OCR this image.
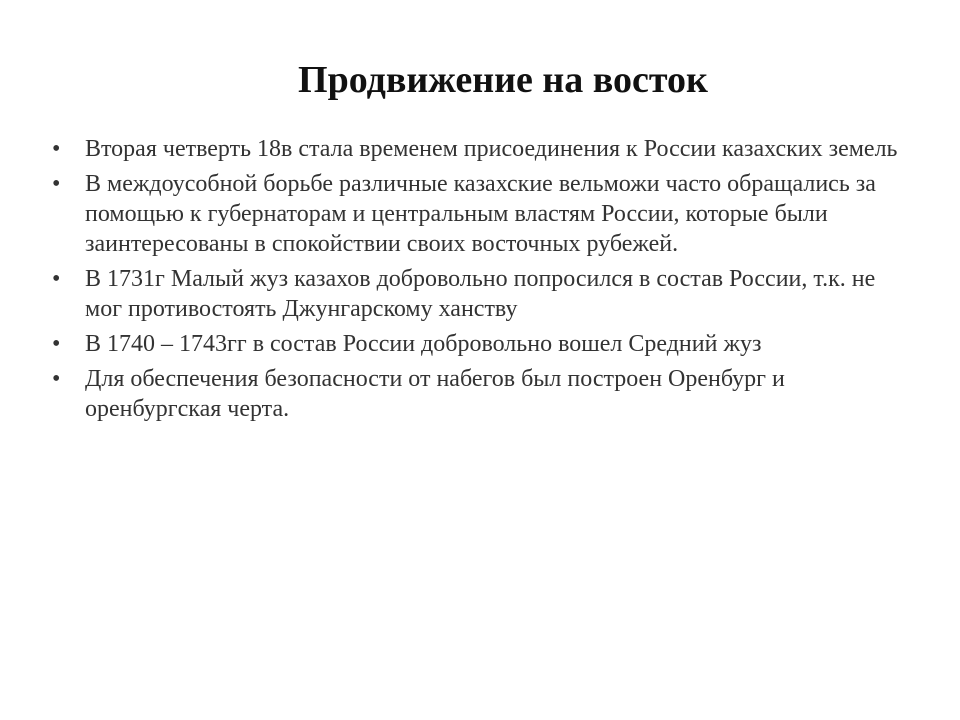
Продвижение на восток
• Вторая четверть 18в стала временем присоединения к России казахских земель
• В междоусобной борьбе различные казахские вельможи часто обращались за помощью к губернаторам и центральным властям России, которые были заинтересованы в спокойствии своих восточных рубежей.
• В 1731г Малый жуз казахов добровольно попросился в состав России, т.к. не мог противостоять Джунгарскому ханству
• В 1740 – 1743гг в состав России добровольно вошел Средний жуз
• Для обеспечения безопасности от набегов был построен Оренбург и оренбургская черта.
